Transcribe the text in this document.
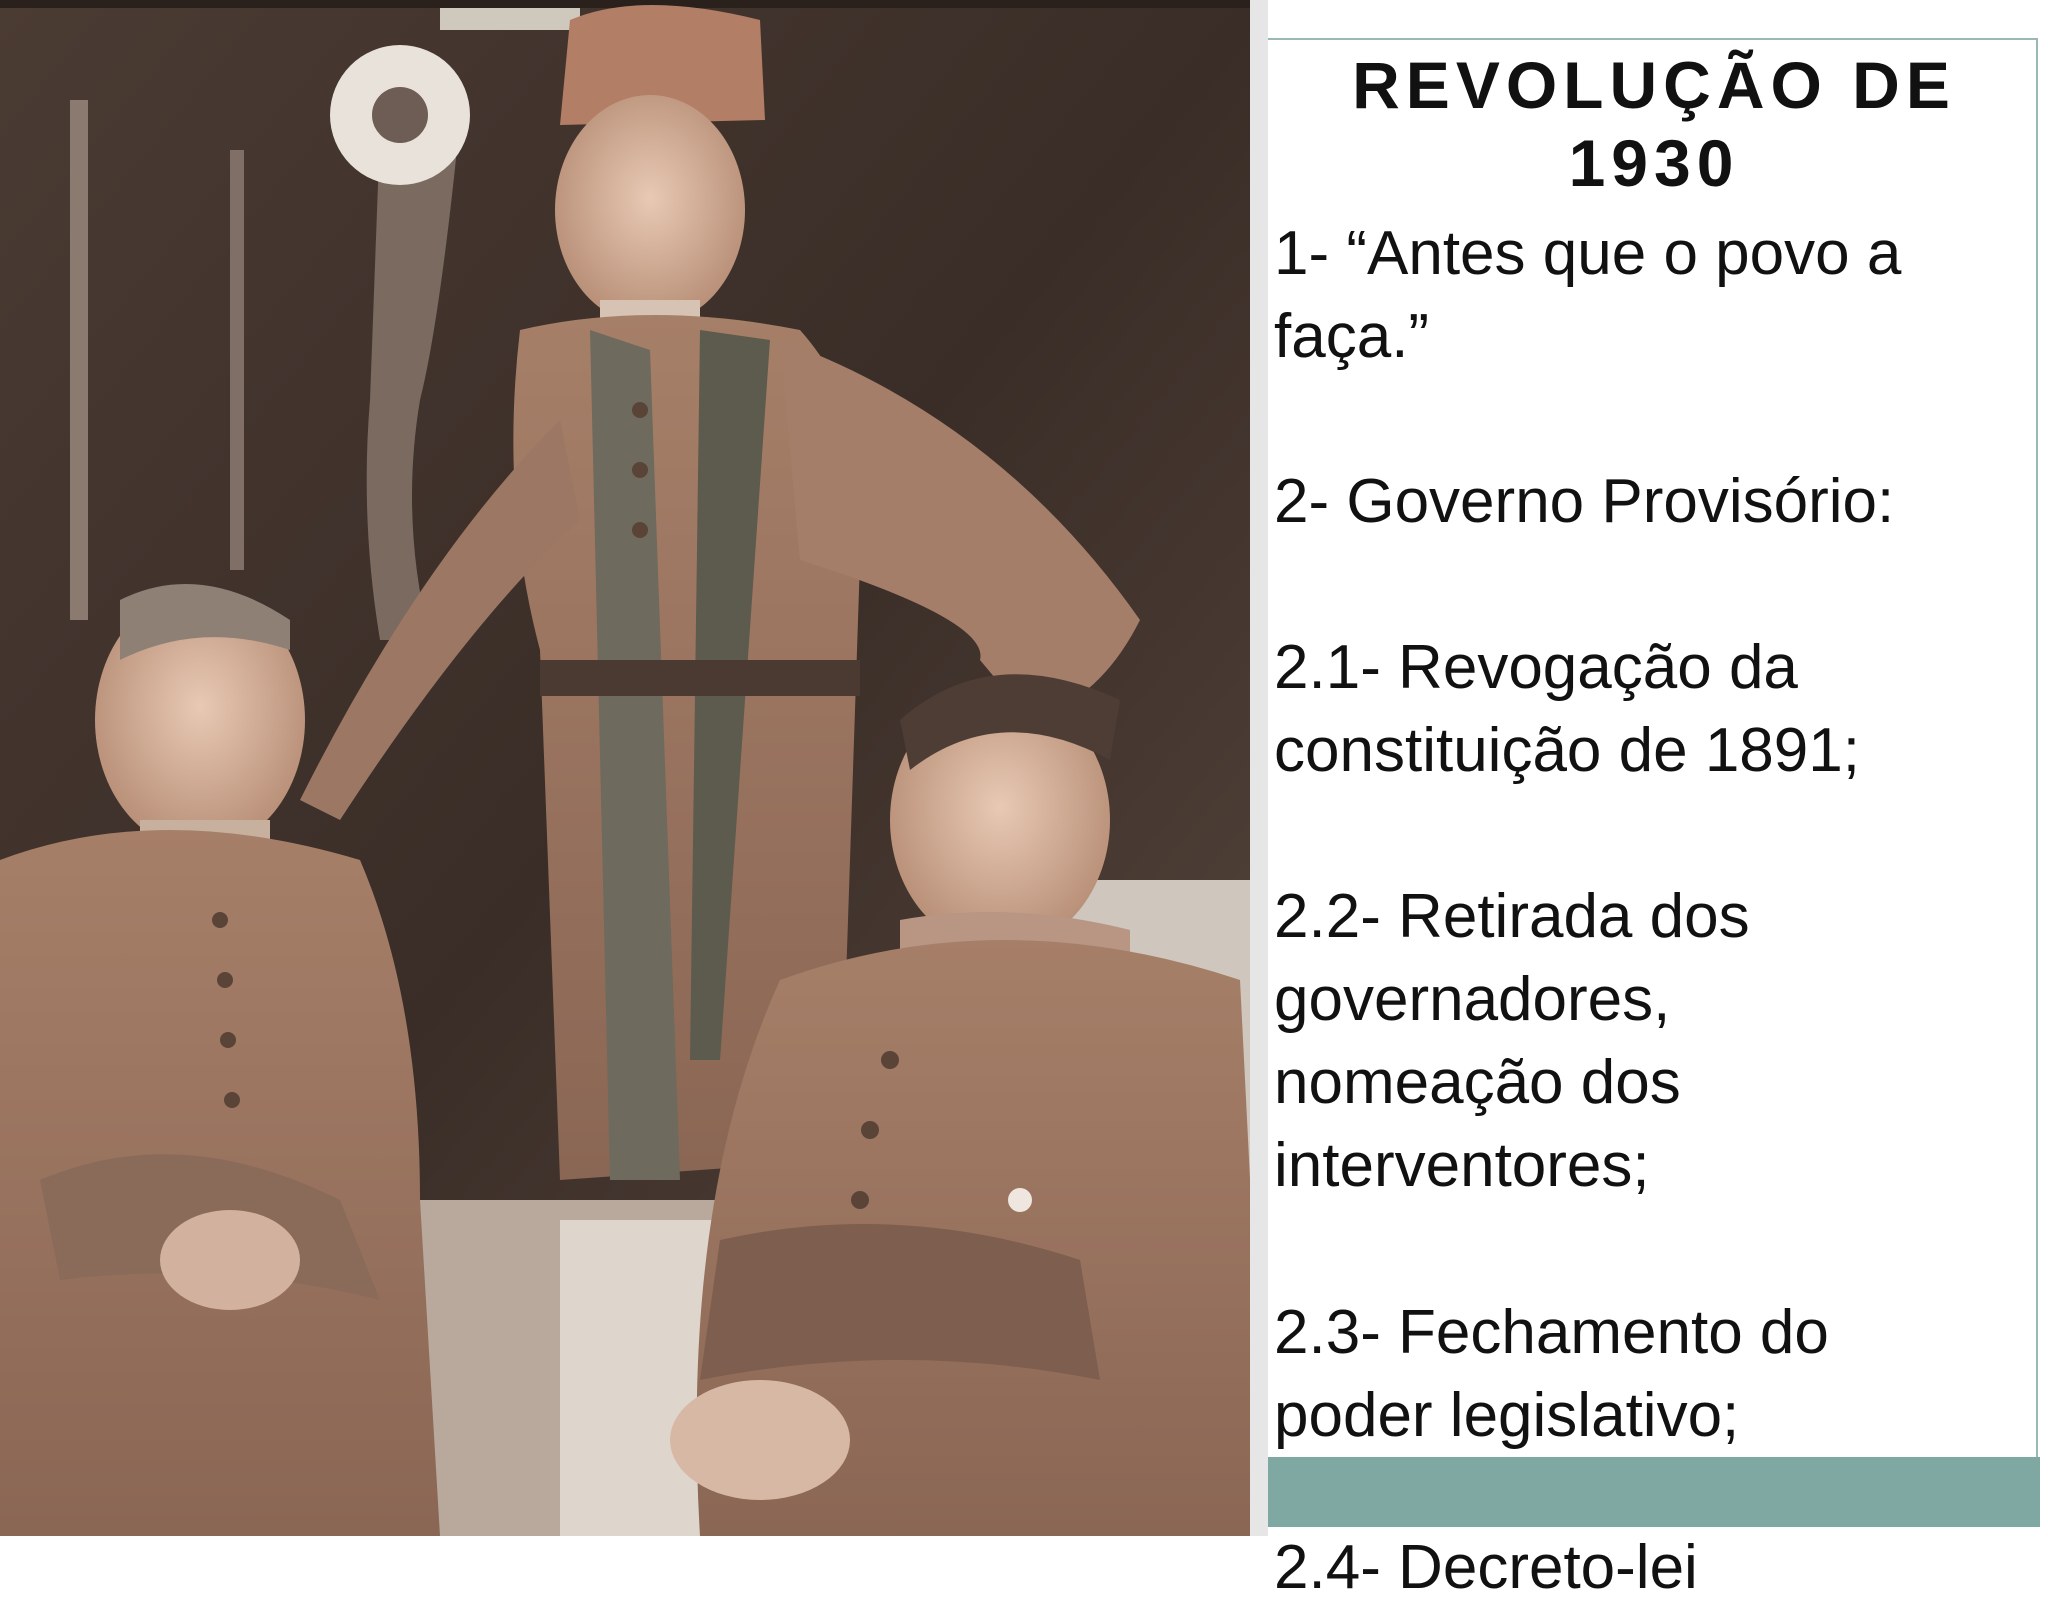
REVOLUÇÃO DE
1930
1- “Antes que o povo a
faça.”
2- Governo Provisório:
2.1- Revogação da
constituição de 1891;
2.2- Retirada dos
governadores,
nomeação dos
interventores;
2.3- Fechamento do
poder legislativo;
2.4- Decreto-lei
